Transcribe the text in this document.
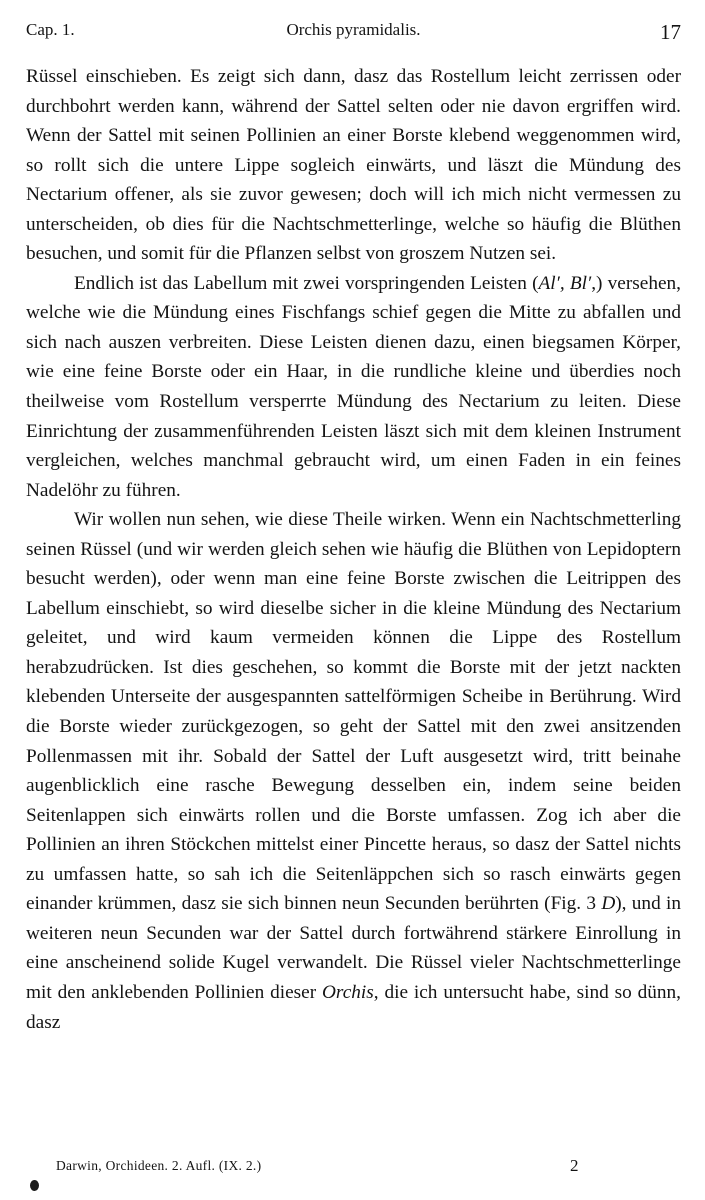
Cap. 1.	Orchis pyramidalis.	17

Rüssel einschieben. Es zeigt sich dann, dasz das Rostellum leicht zerrissen oder durchbohrt werden kann, während der Sattel selten oder nie davon ergriffen wird. Wenn der Sattel mit seinen Pollinien an einer Borste klebend weggenommen wird, so rollt sich die untere Lippe sogleich einwärts, und läszt die Mündung des Nectarium offener, als sie zuvor gewesen; doch will ich mich nicht vermessen zu unterscheiden, ob dies für die Nachtschmetterlinge, welche so häufig die Blüthen besuchen, und somit für die Pflanzen selbst von groszem Nutzen sei.

Endlich ist das Labellum mit zwei vorspringenden Leisten (Al′, Bl′,) versehen, welche wie die Mündung eines Fischfangs schief gegen die Mitte zu abfallen und sich nach auszen verbreiten. Diese Leisten dienen dazu, einen biegsamen Körper, wie eine feine Borste oder ein Haar, in die rundliche kleine und überdies noch theilweise vom Rostellum versperrte Mündung des Nectarium zu leiten. Diese Einrichtung der zusammenführenden Leisten läszt sich mit dem kleinen Instrument vergleichen, welches manchmal gebraucht wird, um einen Faden in ein feines Nadelöhr zu führen.

Wir wollen nun sehen, wie diese Theile wirken. Wenn ein Nachtschmetterling seinen Rüssel (und wir werden gleich sehen wie häufig die Blüthen von Lepidoptern besucht werden), oder wenn man eine feine Borste zwischen die Leitrippen des Labellum einschiebt, so wird dieselbe sicher in die kleine Mündung des Nectarium geleitet, und wird kaum vermeiden können die Lippe des Rostellum herabzudrücken. Ist dies geschehen, so kommt die Borste mit der jetzt nackten klebenden Unterseite der ausgespannten sattelförmigen Scheibe in Berührung. Wird die Borste wieder zurückgezogen, so geht der Sattel mit den zwei ansitzenden Pollenmassen mit ihr. Sobald der Sattel der Luft ausgesetzt wird, tritt beinahe augenblicklich eine rasche Bewegung desselben ein, indem seine beiden Seitenlappen sich einwärts rollen und die Borste umfassen. Zog ich aber die Pollinien an ihren Stöckchen mittelst einer Pincette heraus, so dasz der Sattel nichts zu umfassen hatte, so sah ich die Seitenläppchen sich so rasch einwärts gegen einander krümmen, dasz sie sich binnen neun Secunden berührten (Fig. 3 D), und in weiteren neun Secunden war der Sattel durch fortwährend stärkere Einrollung in eine anscheinend solide Kugel verwandelt. Die Rüssel vieler Nachtschmetterlinge mit den anklebenden Pollinien dieser Orchis, die ich untersucht habe, sind so dünn, dasz

Darwin, Orchideen. 2. Aufl. (IX. 2.)	2
